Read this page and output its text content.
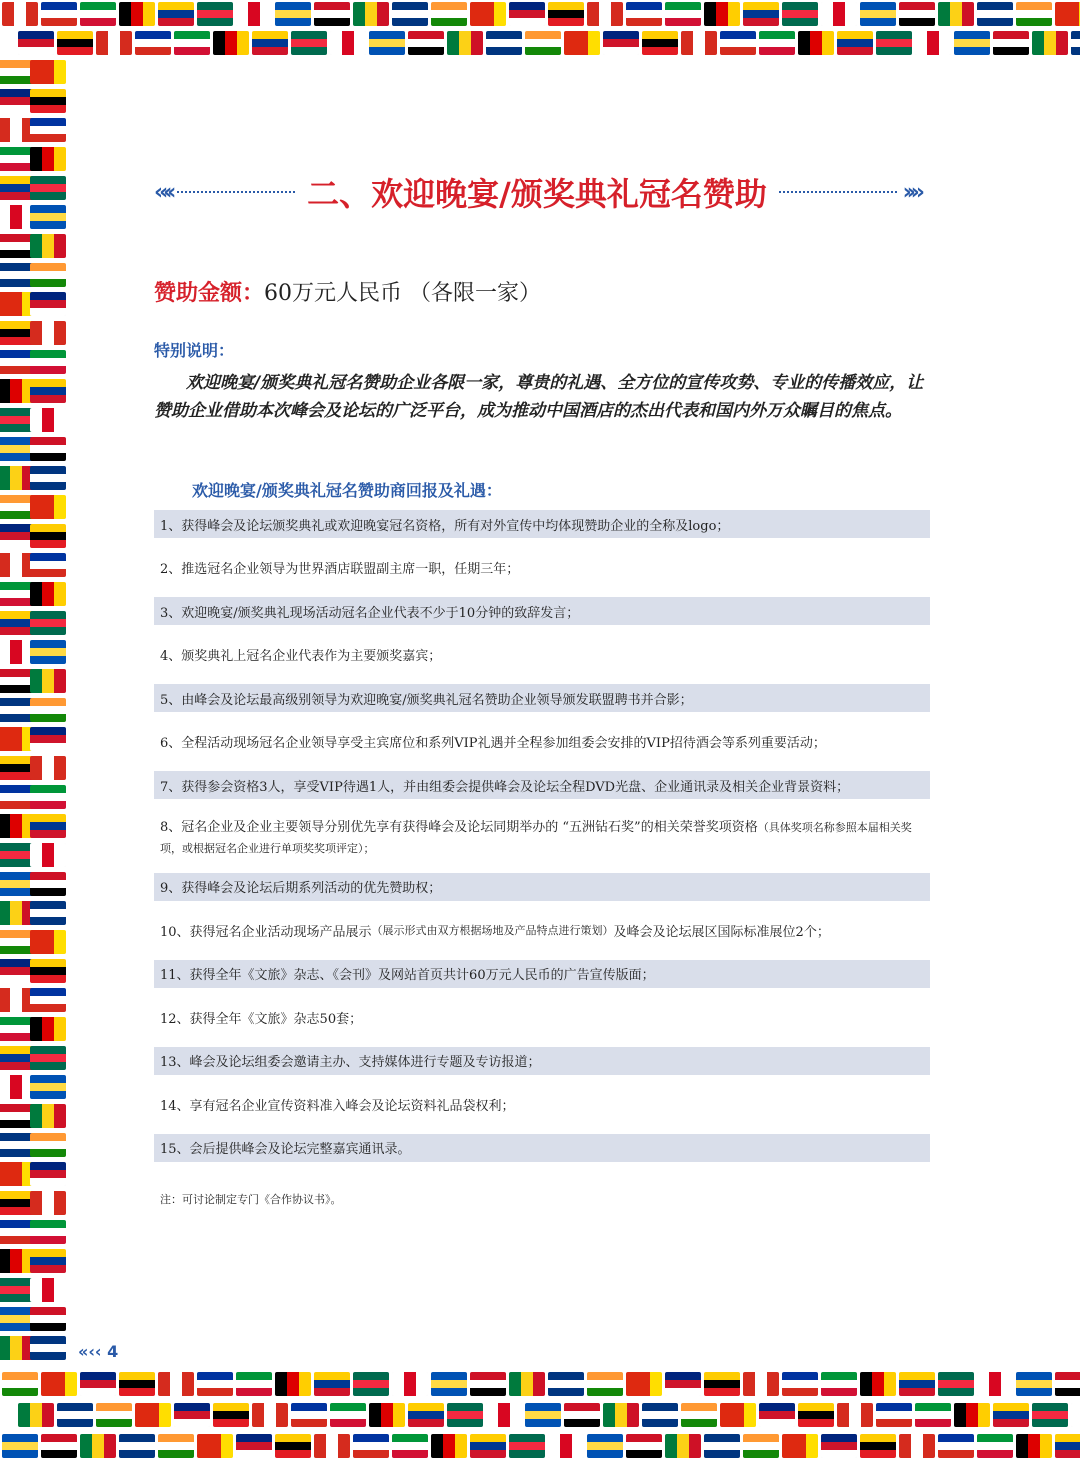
«‹‹	二、欢迎晚宴/颁奖典礼冠名赞助	››»
赞助金额：60万元人民币 （各限一家）
特别说明：
欢迎晚宴/颁奖典礼冠名赞助企业各限一家，尊贵的礼遇、全方位的宣传攻势、专业的传播效应，让赞助企业借助本次峰会及论坛的广泛平台，成为推动中国酒店的杰出代表和国内外万众瞩目的焦点。
欢迎晚宴/颁奖典礼冠名赞助商回报及礼遇：
1、获得峰会及论坛颁奖典礼或欢迎晚宴冠名资格，所有对外宣传中均体现赞助企业的全称及logo；
2、推选冠名企业领导为世界酒店联盟副主席一职，任期三年；
3、欢迎晚宴/颁奖典礼现场活动冠名企业代表不少于10分钟的致辞发言；
4、颁奖典礼上冠名企业代表作为主要颁奖嘉宾；
5、由峰会及论坛最高级别领导为欢迎晚宴/颁奖典礼冠名赞助企业领导颁发联盟聘书并合影；
6、全程活动现场冠名企业领导享受主宾席位和系列VIP礼遇并全程参加组委会安排的VIP招待酒会等系列重要活动；
7、获得参会资格3人，享受VIP待遇1人，并由组委会提供峰会及论坛全程DVD光盘、企业通讯录及相关企业背景资料；
8、冠名企业及企业主要领导分别优先享有获得峰会及论坛同期举办的 “五洲钻石奖”的相关荣誉奖项资格（具体奖项名称参照本届相关奖项，或根据冠名企业进行单项奖奖项评定）；
9、获得峰会及论坛后期系列活动的优先赞助权；
10、获得冠名企业活动现场产品展示 （展示形式由双方根据场地及产品特点进行策划） 及峰会及论坛展区国际标准展位2个；
11、获得全年《文旅》杂志、《会刊》及网站首页共计60万元人民币的广告宣传版面；
12、获得全年《文旅》杂志50套；
13、峰会及论坛组委会邀请主办、支持媒体进行专题及专访报道；
14、享有冠名企业宣传资料准入峰会及论坛资料礼品袋权利；
15、会后提供峰会及论坛完整嘉宾通讯录。
注：可讨论制定专门《合作协议书》。
«‹‹ 4
